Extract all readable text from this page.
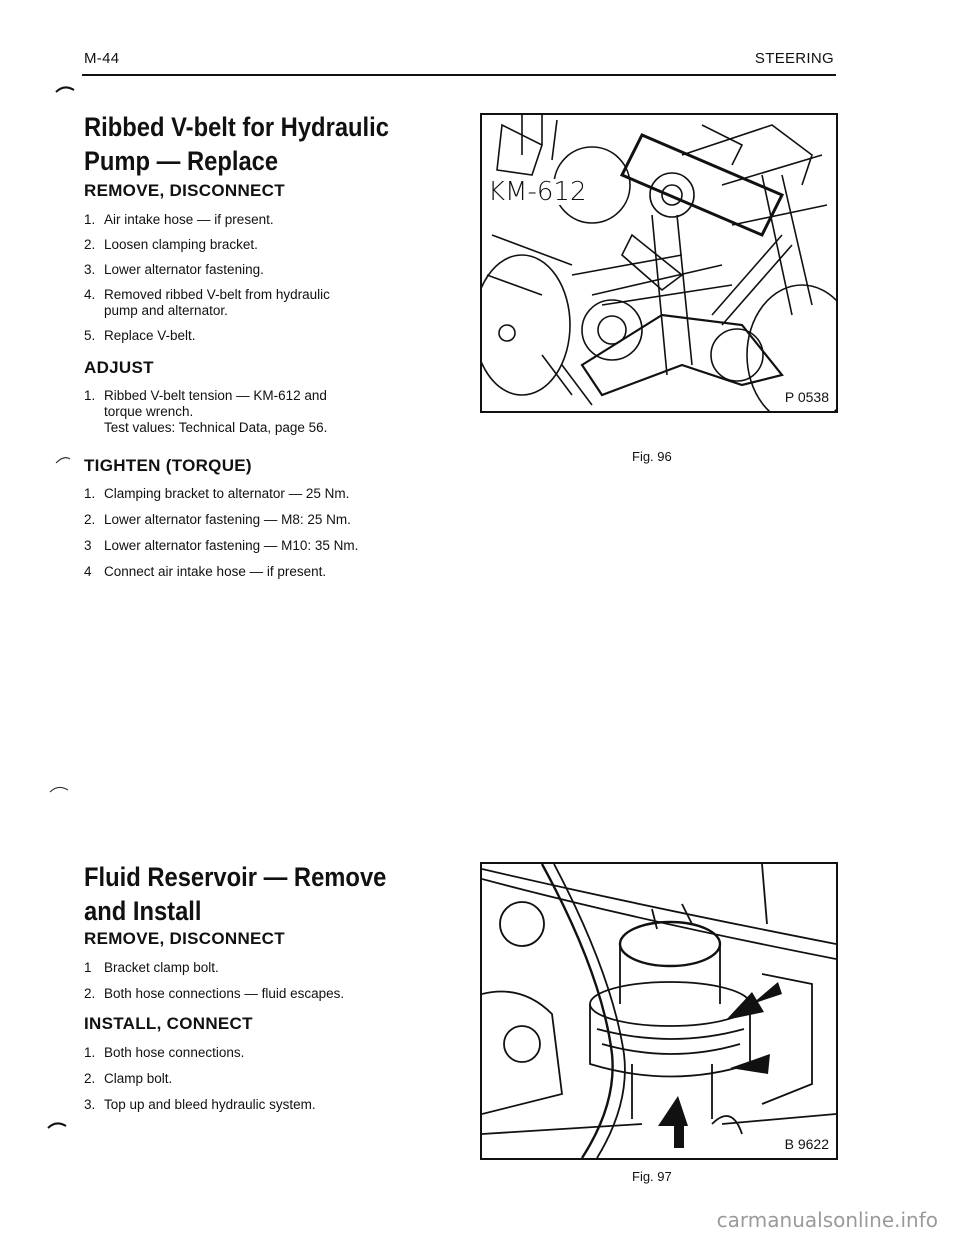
M-44	STEERING
Ribbed V-belt for Hydraulic
Pump — Replace
REMOVE, DISCONNECT
1. Air intake hose — if present.
2. Loosen clamping bracket.
3. Lower alternator fastening.
4. Removed ribbed V-belt from hydraulic
pump and alternator.
5. Replace V-belt.
ADJUST
1. Ribbed V-belt tension — KM-612 and
torque wrench.
Test values: Technical Data, page 56.
TIGHTEN (TORQUE)
1. Clamping bracket to alternator — 25 Nm.
2. Lower alternator fastening — M8: 25 Nm.
3 Lower alternator fastening — M10: 35 Nm.
4 Connect air intake hose — if present.
KM-612
P 0538
Fig. 96
Fluid Reservoir — Remove
and Install
REMOVE, DISCONNECT
1 Bracket clamp bolt.
2. Both hose connections — fluid escapes.
INSTALL, CONNECT
1. Both hose connections.
2. Clamp bolt.
3. Top up and bleed hydraulic system.
B 9622
Fig. 97
carmanualsonline.info
